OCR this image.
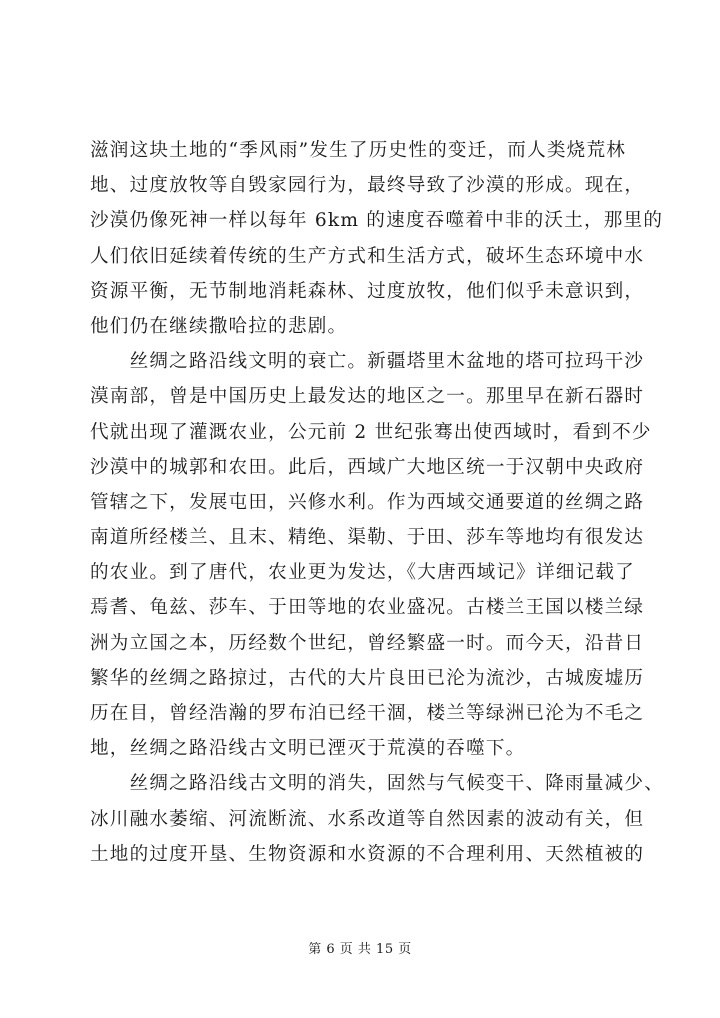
滋润这块土地的“季风雨”发生了历史性的变迁，而人类烧荒林
地、过度放牧等自毁家园行为，最终导致了沙漠的形成。现在，
沙漠仍像死神一样以每年 6km 的速度吞噬着中非的沃土，那里的
人们依旧延续着传统的生产方式和生活方式，破坏生态环境中水
资源平衡，无节制地消耗森林、过度放牧，他们似乎未意识到，
他们仍在继续撒哈拉的悲剧。
　　丝绸之路沿线文明的衰亡。新疆塔里木盆地的塔可拉玛干沙
漠南部，曾是中国历史上最发达的地区之一。那里早在新石器时
代就出现了灌溉农业，公元前 2 世纪张骞出使西域时，看到不少
沙漠中的城郭和农田。此后，西域广大地区统一于汉朝中央政府
管辖之下，发展屯田，兴修水利。作为西域交通要道的丝绸之路
南道所经楼兰、且末、精绝、渠勒、于田、莎车等地均有很发达
的农业。到了唐代，农业更为发达，《大唐西域记》详细记载了
焉耆、龟兹、莎车、于田等地的农业盛况。古楼兰王国以楼兰绿
洲为立国之本，历经数个世纪，曾经繁盛一时。而今天，沿昔日
繁华的丝绸之路掠过，古代的大片良田已沦为流沙，古城废墟历
历在目，曾经浩瀚的罗布泊已经干涸，楼兰等绿洲已沦为不毛之
地，丝绸之路沿线古文明已湮灭于荒漠的吞噬下。
　　丝绸之路沿线古文明的消失，固然与气候变干、降雨量减少、
冰川融水萎缩、河流断流、水系改道等自然因素的波动有关，但
土地的过度开垦、生物资源和水资源的不合理利用、天然植被的
第 6 页 共 15 页
